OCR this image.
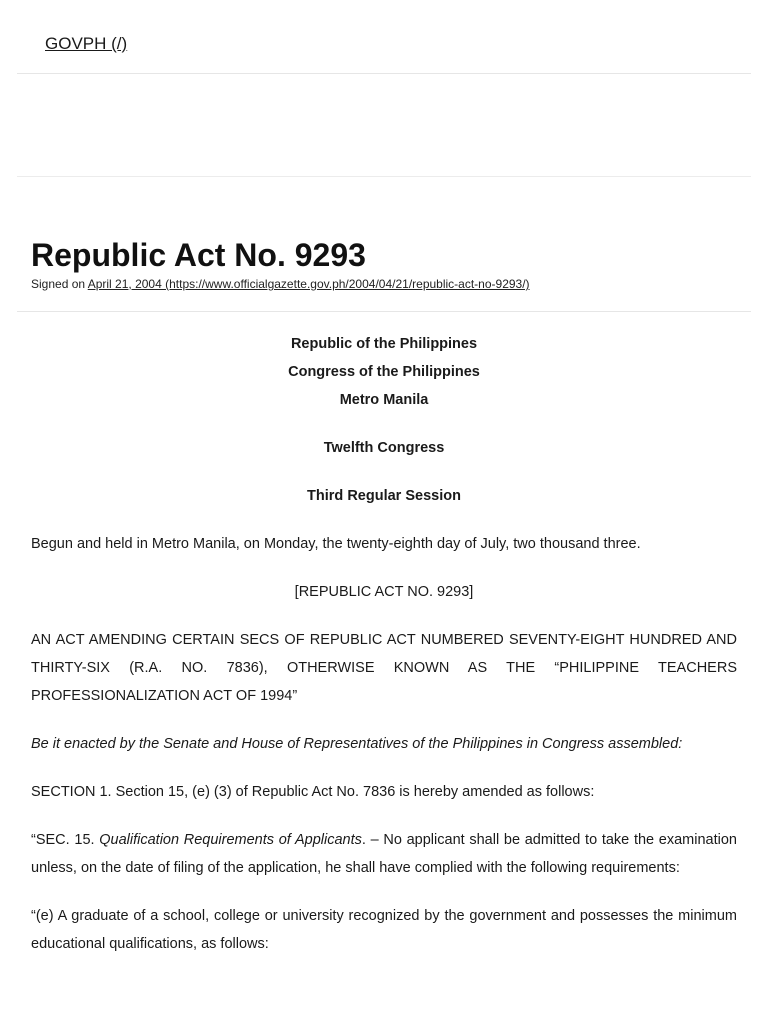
GOVPH (/)
Republic Act No. 9293
Signed on April 21, 2004 (https://www.officialgazette.gov.ph/2004/04/21/republic-act-no-9293/)

Republic of the Philippines

Congress of the Philippines

Metro Manila

Twelfth Congress

Third Regular Session

Begun and held in Metro Manila, on Monday, the twenty-eighth day of July, two thousand three.

[REPUBLIC ACT NO. 9293]

AN ACT AMENDING CERTAIN SECS OF REPUBLIC ACT NUMBERED SEVENTY-EIGHT HUNDRED AND THIRTY-SIX (R.A. NO. 7836), OTHERWISE KNOWN AS THE “PHILIPPINE TEACHERS PROFESSIONALIZATION ACT OF 1994”

Be it enacted by the Senate and House of Representatives of the Philippines in Congress assembled:

SECTION 1. Section 15, (e) (3) of Republic Act No. 7836 is hereby amended as follows:

“SEC. 15. Qualification Requirements of Applicants. – No applicant shall be admitted to take the examination unless, on the date of filing of the application, he shall have complied with the following requirements:

“(e) A graduate of a school, college or university recognized by the government and possesses the minimum educational qualifications, as follows:
